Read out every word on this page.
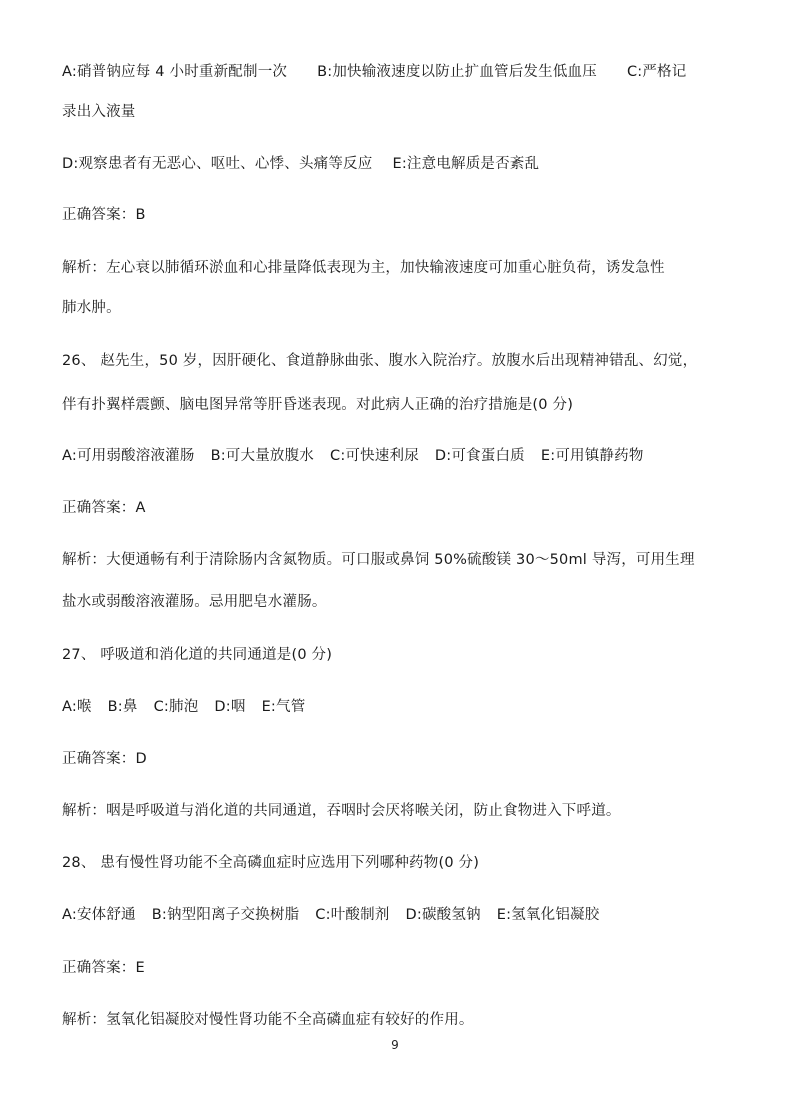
A:硝普钠应每 4 小时重新配制一次 B:加快输液速度以防止扩血管后发生低血压 C:严格记
录出入液量
D:观察患者有无恶心、呕吐、心悸、头痛等反应 E:注意电解质是否紊乱
正确答案：B
解析：左心衰以肺循环淤血和心排量降低表现为主，加快输液速度可加重心脏负荷，诱发急性
肺水肿。
26、 赵先生，50 岁，因肝硬化、食道静脉曲张、腹水入院治疗。放腹水后出现精神错乱、幻觉，
伴有扑翼样震颤、脑电图异常等肝昏迷表现。对此病人正确的治疗措施是(0 分)
A:可用弱酸溶液灌肠 B:可大量放腹水 C:可快速利尿 D:可食蛋白质 E:可用镇静药物
正确答案：A
解析：大便通畅有利于清除肠内含氮物质。可口服或鼻饲 50%硫酸镁 30～50ml 导泻，可用生理
盐水或弱酸溶液灌肠。忌用肥皂水灌肠。
27、 呼吸道和消化道的共同通道是(0 分)
A:喉 B:鼻 C:肺泡 D:咽 E:气管
正确答案：D
解析：咽是呼吸道与消化道的共同通道，吞咽时会厌将喉关闭，防止食物进入下呼道。
28、 患有慢性肾功能不全高磷血症时应选用下列哪种药物(0 分)
A:安体舒通 B:钠型阳离子交换树脂 C:叶酸制剂 D:碳酸氢钠 E:氢氧化铝凝胶
正确答案：E
解析：氢氧化铝凝胶对慢性肾功能不全高磷血症有较好的作用。
9
